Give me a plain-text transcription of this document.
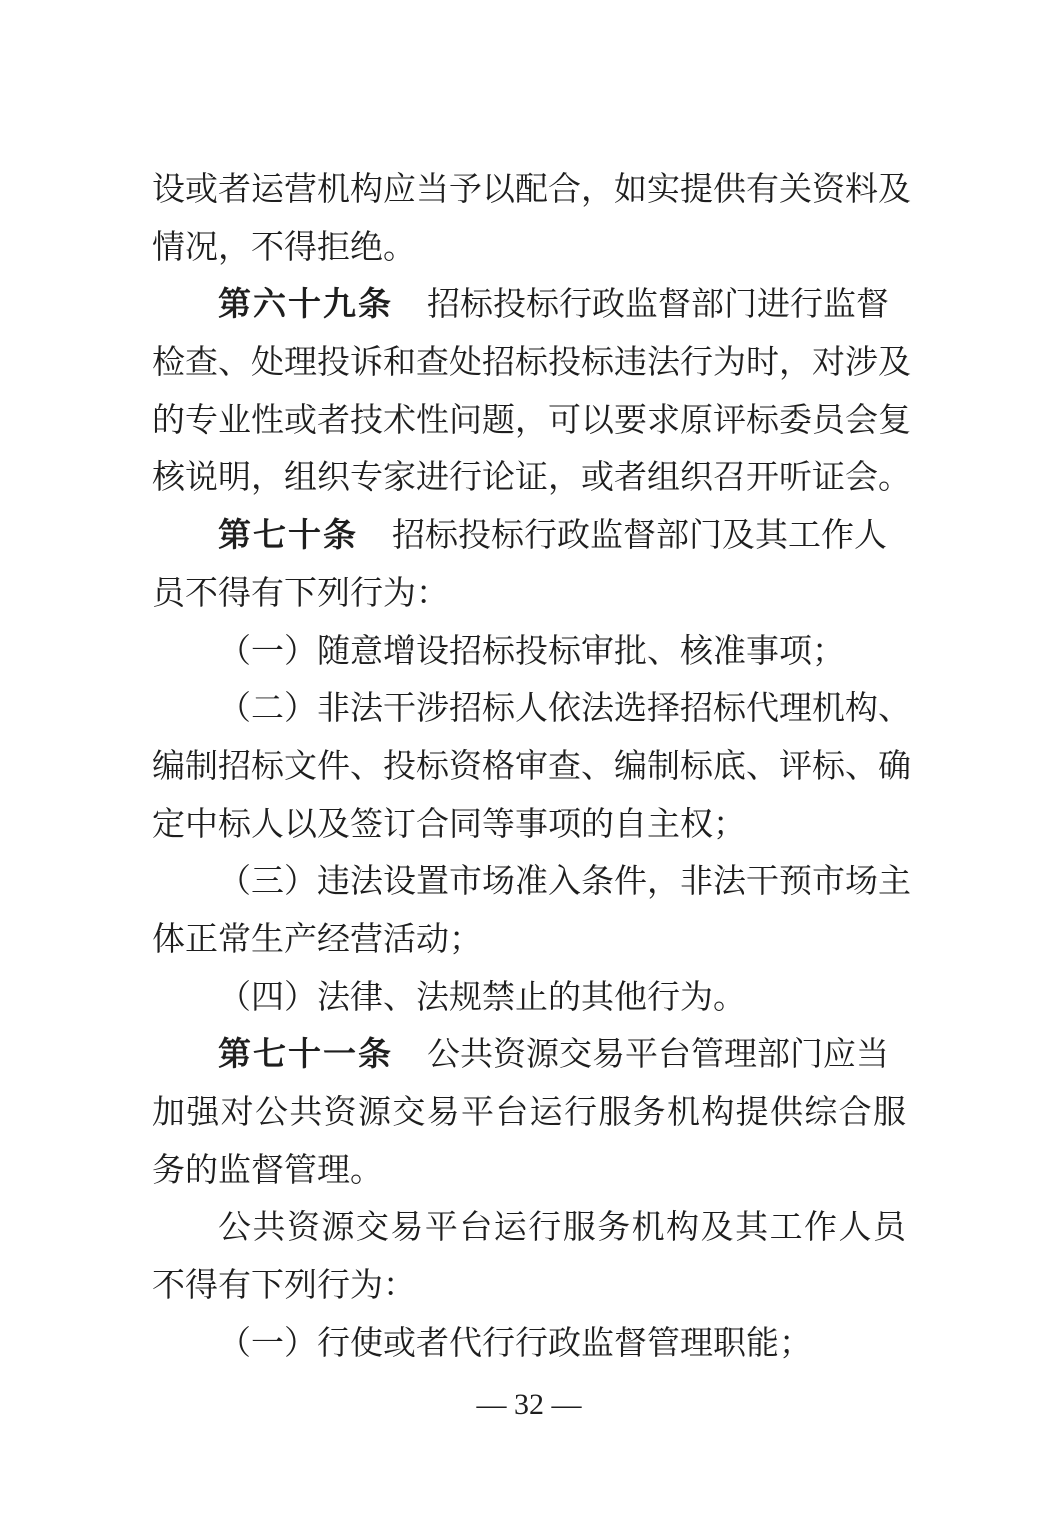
设或者运营机构应当予以配合，如实提供有关资料及
情况，不得拒绝。
第六十九条 招标投标行政监督部门进行监督
检查、处理投诉和查处招标投标违法行为时，对涉及
的专业性或者技术性问题，可以要求原评标委员会复
核说明，组织专家进行论证，或者组织召开听证会。
第七十条 招标投标行政监督部门及其工作人
员不得有下列行为：
（一）随意增设招标投标审批、核准事项；
（二）非法干涉招标人依法选择招标代理机构、
编制招标文件、投标资格审查、编制标底、评标、确
定中标人以及签订合同等事项的自主权；
（三）违法设置市场准入条件，非法干预市场主
体正常生产经营活动；
（四）法律、法规禁止的其他行为。
第七十一条 公共资源交易平台管理部门应当
加强对公共资源交易平台运行服务机构提供综合服
务的监督管理。
公共资源交易平台运行服务机构及其工作人员
不得有下列行为：
（一）行使或者代行行政监督管理职能；
— 32 —
